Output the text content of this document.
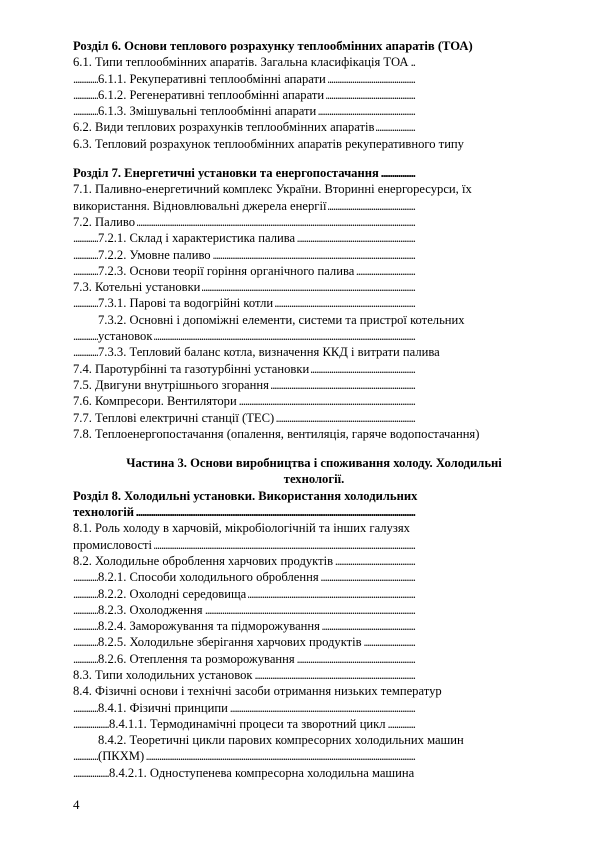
Розділ 6. Основи теплового розрахунку теплообмінних апаратів (ТОА) . . .
6.1. Типи теплообмінних апаратів. Загальна класифікація ТОА . . .
6.1.1. Рекуперативні теплообмінні апарати . . .
6.1.2. Регенеративні теплообмінні апарати . . .
6.1.3. Змішувальні теплообмінні апарати . . .
6.2. Види теплових розрахунків теплообмінних апаратів . . .
6.3. Тепловий розрахунок теплообмінних апаратів рекуперативного типу . . .
Розділ 7. Енергетичні установки та енергопостачання . . .
7.1. Паливно-енергетичний комплекс України. Вторинні енергоресурси, їх
використання. Відновлювальні джерела енергії . . .
7.2. Паливо . . .
7.2.1. Склад і характеристика палива . . .
7.2.2. Умовне паливо . . .
7.2.3. Основи теорії горіння органічного палива . . .
7.3. Котельні установки . . .
7.3.1. Парові та водогрійні котли . . .
7.3.2. Основні і допоміжні елементи, системи та пристрої котельних
установок . . .
7.3.3. Тепловий баланс котла, визначення ККД і витрати палива . . .
7.4. Паротурбінні та газотурбінні установки . . .
7.5. Двигуни внутрішнього згорання . . .
7.6. Компресори. Вентилятори . . .
7.7. Теплові електричні станції (ТЕС) . . .
7.8. Теплоенергопостачання (опалення, вентиляція, гаряче водопостачання) . . .
Частина 3. Основи виробництва і споживання холоду. Холодильні
технології.
Розділ 8. Холодильні установки. Використання холодильних
технологій . . .
8.1. Роль холоду в харчовій, мікробіологічній та інших галузях
промисловості . . .
8.2. Холодильне оброблення харчових продуктів . . .
8.2.1. Способи холодильного оброблення . . .
8.2.2. Охолодні середовища . . .
8.2.3. Охолодження . . .
8.2.4. Заморожування та підморожування . . .
8.2.5. Холодильне зберігання харчових продуктів . . .
8.2.6. Отеплення та розморожування . . .
8.3. Типи холодильних установок . . .
8.4. Фізичні основи і технічні засоби отримання низьких температур . . .
8.4.1. Фізичні принципи . . .
8.4.1.1. Термодинамічні процеси та зворотний цикл . . .
8.4.2. Теоретичні цикли парових компресорних холодильних машин
(ПКХМ) . . .
8.4.2.1. Одноступенева компресорна холодильна машина . . .
4
